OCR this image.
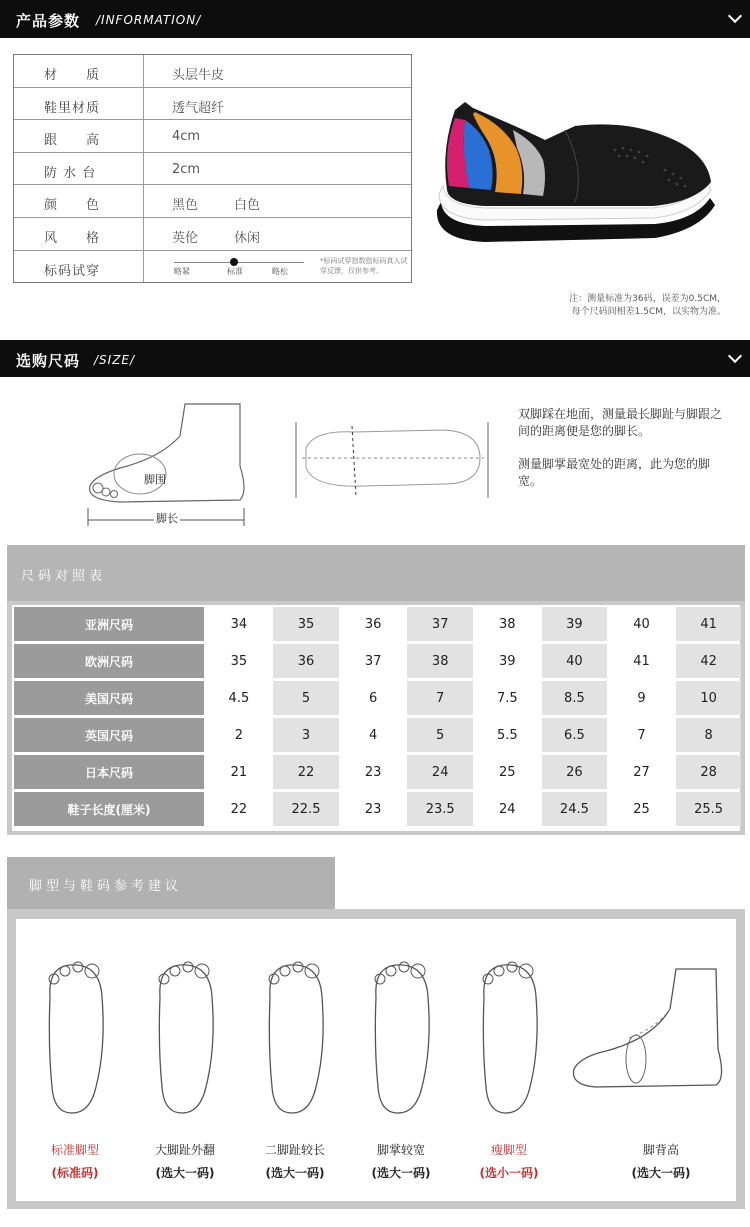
产品参数 /INFORMATION/
材　　质	头层牛皮
鞋里材质	透气超纤
跟　　高	4cm
防 水 台	2cm
颜　　色	黑色	白色
风　　格	英伦	休闲
标码试穿	略紧	标准	略松
*标码试穿指数指标码真人试穿反馈，仅供参考。
注：测量标准为36码，误差为0.5CM，
每个尺码间相差1.5CM，以实物为准。
选购尺码 /SIZE/
脚围
脚长
双脚踩在地面，测量最长脚趾与脚跟之间的距离便是您的脚长。
测量脚掌最宽处的距离，此为您的脚宽。
尺码对照表
亚洲尺码	34	35	36	37	38	39	40	41
欧洲尺码	35	36	37	38	39	40	41	42
美国尺码	4.5	5	6	7	7.5	8.5	9	10
英国尺码	2	3	4	5	5.5	6.5	7	8
日本尺码	21	22	23	24	25	26	27	28
鞋子长度(厘米)	22	22.5	23	23.5	24	24.5	25	25.5
脚型与鞋码参考建议
标准脚型
(标准码)
大脚趾外翻
(选大一码)
二脚趾较长
(选大一码)
脚掌较宽
(选大一码)
瘦脚型
(选小一码)
脚背高
(选大一码)
